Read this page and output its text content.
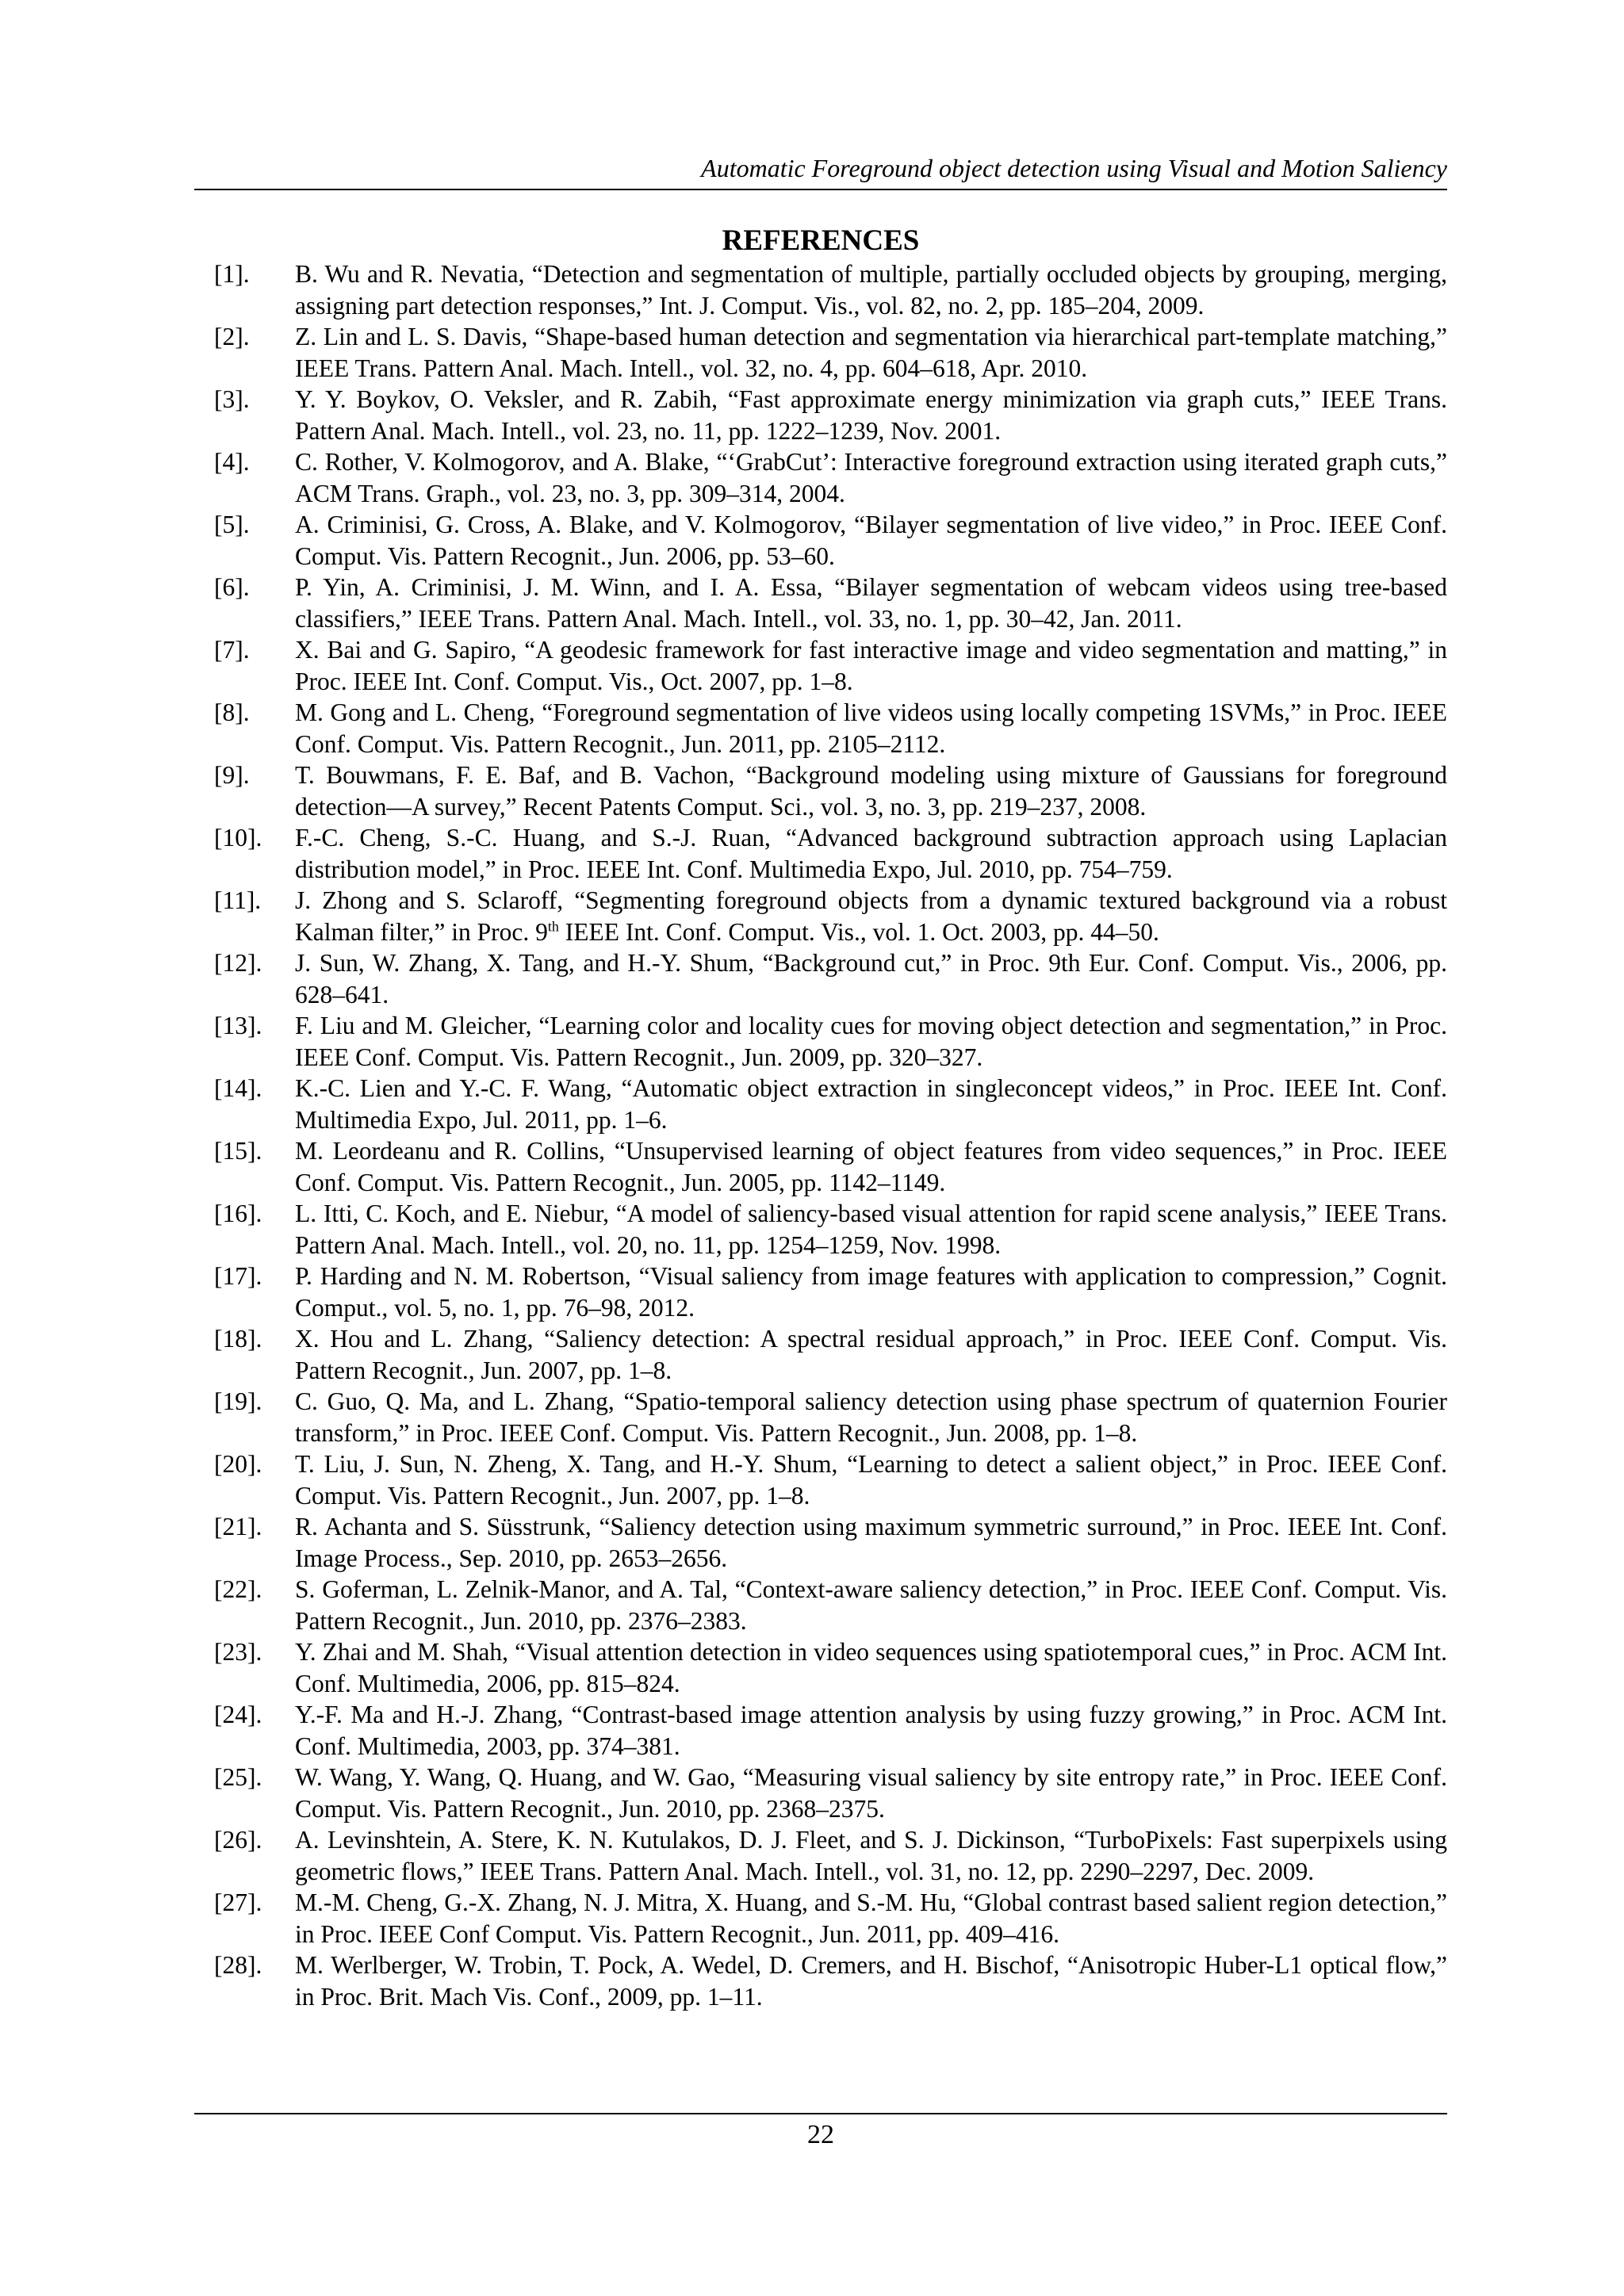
Automatic Foreground object detection using Visual and Motion Saliency
REFERENCES
[1].	B. Wu and R. Nevatia, “Detection and segmentation of multiple, partially occluded objects by grouping, merging, assigning part detection responses,” Int. J. Comput. Vis., vol. 82, no. 2, pp. 185–204, 2009.
[2].	Z. Lin and L. S. Davis, “Shape-based human detection and segmentation via hierarchical part-template matching,” IEEE Trans. Pattern Anal. Mach. Intell., vol. 32, no. 4, pp. 604–618, Apr. 2010.
[3].	Y. Y. Boykov, O. Veksler, and R. Zabih, “Fast approximate energy minimization via graph cuts,” IEEE Trans. Pattern Anal. Mach. Intell., vol. 23, no. 11, pp. 1222–1239, Nov. 2001.
[4].	C. Rother, V. Kolmogorov, and A. Blake, “‘GrabCut’: Interactive foreground extraction using iterated graph cuts,” ACM Trans. Graph., vol. 23, no. 3, pp. 309–314, 2004.
[5].	A. Criminisi, G. Cross, A. Blake, and V. Kolmogorov, “Bilayer segmentation of live video,” in Proc. IEEE Conf. Comput. Vis. Pattern Recognit., Jun. 2006, pp. 53–60.
[6].	P. Yin, A. Criminisi, J. M. Winn, and I. A. Essa, “Bilayer segmentation of webcam videos using tree-based classifiers,” IEEE Trans. Pattern Anal. Mach. Intell., vol. 33, no. 1, pp. 30–42, Jan. 2011.
[7].	X. Bai and G. Sapiro, “A geodesic framework for fast interactive image and video segmentation and matting,” in Proc. IEEE Int. Conf. Comput. Vis., Oct. 2007, pp. 1–8.
[8].	M. Gong and L. Cheng, “Foreground segmentation of live videos using locally competing 1SVMs,” in Proc. IEEE Conf. Comput. Vis. Pattern Recognit., Jun. 2011, pp. 2105–2112.
[9].	T. Bouwmans, F. E. Baf, and B. Vachon, “Background modeling using mixture of Gaussians for foreground detection—A survey,” Recent Patents Comput. Sci., vol. 3, no. 3, pp. 219–237, 2008.
[10].	F.-C. Cheng, S.-C. Huang, and S.-J. Ruan, “Advanced background subtraction approach using Laplacian distribution model,” in Proc. IEEE Int. Conf. Multimedia Expo, Jul. 2010, pp. 754–759.
[11].	J. Zhong and S. Sclaroff, “Segmenting foreground objects from a dynamic textured background via a robust Kalman filter,” in Proc. 9th IEEE Int. Conf. Comput. Vis., vol. 1. Oct. 2003, pp. 44–50.
[12].	J. Sun, W. Zhang, X. Tang, and H.-Y. Shum, “Background cut,” in Proc. 9th Eur. Conf. Comput. Vis., 2006, pp. 628–641.
[13].	F. Liu and M. Gleicher, “Learning color and locality cues for moving object detection and segmentation,” in Proc. IEEE Conf. Comput. Vis. Pattern Recognit., Jun. 2009, pp. 320–327.
[14].	K.-C. Lien and Y.-C. F. Wang, “Automatic object extraction in singleconcept videos,” in Proc. IEEE Int. Conf. Multimedia Expo, Jul. 2011, pp. 1–6.
[15].	M. Leordeanu and R. Collins, “Unsupervised learning of object features from video sequences,” in Proc. IEEE Conf. Comput. Vis. Pattern Recognit., Jun. 2005, pp. 1142–1149.
[16].	L. Itti, C. Koch, and E. Niebur, “A model of saliency-based visual attention for rapid scene analysis,” IEEE Trans. Pattern Anal. Mach. Intell., vol. 20, no. 11, pp. 1254–1259, Nov. 1998.
[17].	P. Harding and N. M. Robertson, “Visual saliency from image features with application to compression,” Cognit. Comput., vol. 5, no. 1, pp. 76–98, 2012.
[18].	X. Hou and L. Zhang, “Saliency detection: A spectral residual approach,” in Proc. IEEE Conf. Comput. Vis. Pattern Recognit., Jun. 2007, pp. 1–8.
[19].	C. Guo, Q. Ma, and L. Zhang, “Spatio-temporal saliency detection using phase spectrum of quaternion Fourier transform,” in Proc. IEEE Conf. Comput. Vis. Pattern Recognit., Jun. 2008, pp. 1–8.
[20].	T. Liu, J. Sun, N. Zheng, X. Tang, and H.-Y. Shum, “Learning to detect a salient object,” in Proc. IEEE Conf. Comput. Vis. Pattern Recognit., Jun. 2007, pp. 1–8.
[21].	R. Achanta and S. Süsstrunk, “Saliency detection using maximum symmetric surround,” in Proc. IEEE Int. Conf. Image Process., Sep. 2010, pp. 2653–2656.
[22].	S. Goferman, L. Zelnik-Manor, and A. Tal, “Context-aware saliency detection,” in Proc. IEEE Conf. Comput. Vis. Pattern Recognit., Jun. 2010, pp. 2376–2383.
[23].	Y. Zhai and M. Shah, “Visual attention detection in video sequences using spatiotemporal cues,” in Proc. ACM Int. Conf. Multimedia, 2006, pp. 815–824.
[24].	Y.-F. Ma and H.-J. Zhang, “Contrast-based image attention analysis by using fuzzy growing,” in Proc. ACM Int. Conf. Multimedia, 2003, pp. 374–381.
[25].	W. Wang, Y. Wang, Q. Huang, and W. Gao, “Measuring visual saliency by site entropy rate,” in Proc. IEEE Conf. Comput. Vis. Pattern Recognit., Jun. 2010, pp. 2368–2375.
[26].	A. Levinshtein, A. Stere, K. N. Kutulakos, D. J. Fleet, and S. J. Dickinson, “TurboPixels: Fast superpixels using geometric flows,” IEEE Trans. Pattern Anal. Mach. Intell., vol. 31, no. 12, pp. 2290–2297, Dec. 2009.
[27].	M.-M. Cheng, G.-X. Zhang, N. J. Mitra, X. Huang, and S.-M. Hu, “Global contrast based salient region detection,” in Proc. IEEE Conf Comput. Vis. Pattern Recognit., Jun. 2011, pp. 409–416.
[28].	M. Werlberger, W. Trobin, T. Pock, A. Wedel, D. Cremers, and H. Bischof, “Anisotropic Huber-L1 optical flow,” in Proc. Brit. Mach Vis. Conf., 2009, pp. 1–11.
22
